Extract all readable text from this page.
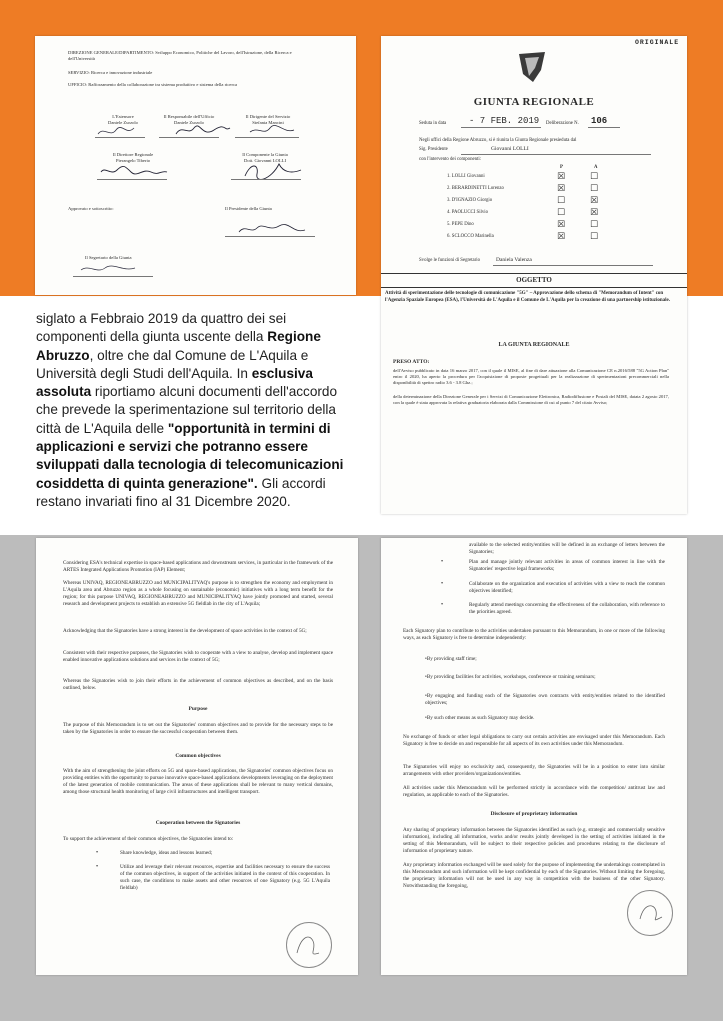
DIREZIONE GENERALE/DIPARTIMENTO: Sviluppo Economico, Politiche del Lavoro, dell'Istruzione, della Ricerca e dell'Università
SERVIZIO: Ricerca e innovazione industriale
UFFICIO: Rafforzamento della collaborazione tra sistema produttivo e sistema della ricerca
L'Estensore
Daniele Zurzolo
Il Responsabile dell'Ufficio
Daniele Zurzolo
Il Dirigente del Servizio
Stefania Mancini
Il Direttore Regionale
Pierangelo Tiberio
Il Componente la Giunta
Dott. Giovanni LOLLI
Approvato e sottoscritto:	Il Presidente della Giunta
Il Segretario della Giunta
ORIGINALE
GIUNTA REGIONALE
Seduta in data	- 7 FEB. 2019 Deliberazione N. 106
Negli uffici della Regione Abruzzo, si è riunita la Giunta Regionale presieduta dal
Sig. Presidente	Giovanni LOLLI
con l'intervento dei componenti:
P	A
1. LOLLI Giovanni	☒	☐
2. BERARDINETTI Lorenzo	☒	☐
3. D'IGNAZIO Giorgio	☐	☒
4. PAOLUCCI Silvio	☐	☒
5. PEPE Dino	☒	☐
6. SCLOCCO Marinella	☒	☐
Svolge le funzioni di Segretario	Daniela Valenza
OGGETTO
Attività di sperimentazione delle tecnologie di comunicazione "5G" – Approvazione dello schema di "Memorandum of Intent" con l'Agenzia Spaziale Europea (ESA), l'Università de L'Aquila e il Comune de L'Aquila per la creazione di una partnership istituzionale.
LA GIUNTA REGIONALE
PRESO ATTO:
dell'Avviso pubblicato in data 16 marzo 2017, con il quale il MISE, al fine di dare attuazione alla Comunicazione CE n.2016/588 "5G Action Plan" entro il 2020, ha aperto la procedura per l'acquisizione di proposte progettuali per la realizzazione di sperimentazioni precommerciali nella disponibilità di spettro radio 3.6 - 3.8 Ghz.;
della determinazione della Direzione Generale per i Servizi di Comunicazione Elettronica, Radiodiffusione e Postali del MISE, datata 2 agosto 2017, con la quale è stata approvata la relativa graduatoria elaborata dalla Commissione di cui al punto 7 del citato Avviso;
siglato a Febbraio 2019 da quattro dei sei componenti della giunta uscente della Regione Abruzzo, oltre che dal Comune de L'Aquila e Università degli Studi dell'Aquila. In esclusiva assoluta riportiamo alcuni documenti dell'accordo che prevede la sperimentazione sul territorio della città de L'Aquila delle "opportunità in termini di applicazioni e servizi che potranno essere sviluppati dalla tecnologia di telecomunicazioni cosiddetta di quinta generazione". Gli accordi restano invariati fino al 31 Dicembre 2020.
Considering ESA's technical expertise in space-based applications and downstream services, in particular in the framework of the ARTES Integrated Applications Promotion (IAP) Element;
Whereas UNIVAQ, REGIONEABRUZZO and MUNICIPALITYAQ's purpose is to strengthen the economy and employment in L'Aquila area and Abruzzo region as a whole focusing on sustainable (economic) initiatives with a long term benefit for the region; for this purpose UNIVAQ, REGIONEABRUZZO and MUNICIPALITYAQ have jointly promoted and started, several research and development projects to establish an extensive 5G fieldlab in the city of L'Aquila;
Acknowledging that the Signatories have a strong interest in the development of space activities in the context of 5G;
Consistent with their respective purposes, the Signatories wish to cooperate with a view to analyse, develop and implement space enabled innovative applications solutions and services in the context of 5G;
Whereas the Signatories wish to join their efforts in the achievement of common objectives as described, and on the basis outlined, below.
Purpose
The purpose of this Memorandum is to set out the Signatories' common objectives and to provide for the necessary steps to be taken by the Signatories in order to ensure the successful cooperation between them.
Common objectives
With the aim of strengthening the joint efforts on 5G and space-based applications, the Signatories' common objectives focus on providing entities with the opportunity to pursue innovative space-based applications developments leveraging on the deployment of the latest generation of mobile communication. The areas of these applications shall be relevant to many vertical domains, among those structural health monitoring of large civil infrastructures and intelligent transport.
Cooperation between the Signatories
To support the achievement of their common objectives, the Signatories intend to:
•	Share knowledge, ideas and lessons learned;
•	Utilize and leverage their relevant resources, expertise and facilities necessary to ensure the success of the common objectives, in support of the activities initiated in the context of this cooperation. In such case, the conditions to make assets and other resources of one Signatory (e.g. 5G L'Aquila fieldlab)
available to the selected entity/entities will be defined in an exchange of letters between the Signatories;
•	Plan and manage jointly relevant activities in areas of common interest in line with the Signatories' respective legal frameworks;
•	Collaborate on the organization and execution of activities with a view to reach the common objectives identified;
•	Regularly attend meetings concerning the effectiveness of the collaboration, with reference to the priorities agreed.
Each Signatory plan to contribute to the activities undertaken pursuant to this Memorandum, in one or more of the following ways, as each Signatory is free to determine independently:
•By providing staff time;
•By providing facilities for activities, workshops, conference or training seminars;
•By engaging and funding each of the Signatories own contracts with entity/entities related to the identified objectives;
•By such other means as such Signatory may decide.
No exchange of funds or other legal obligations to carry out certain activities are envisaged under this Memorandum. Each Signatory is free to decide on and responsible for all aspects of its own activities under this Memorandum.
The Signatories will enjoy no exclusivity and, consequently, the Signatories will be in a position to enter into similar arrangements with other providers/organizations/entities.
All activities under this Memorandum will be performed strictly in accordance with the competition/ antitrust law and regulation, as applicable to each of the Signatories.
Disclosure of proprietary information
Any sharing of proprietary information between the Signatories identified as such (e.g. strategic and commercially sensitive information), including all information, works and/or results jointly developed in the setting of activities initiated in the setting of this Memorandum, will be subject to their respective policies and procedures relating to the disclosure of information of proprietary nature.
Any proprietary information exchanged will be used solely for the purpose of implementing the undertakings contemplated in this Memorandum and such information will be kept confidential by each of the Signatories. Without limiting the foregoing, the proprietary information will not be used in any way in competition with the business of the other Signatory. Notwithstanding the foregoing,
